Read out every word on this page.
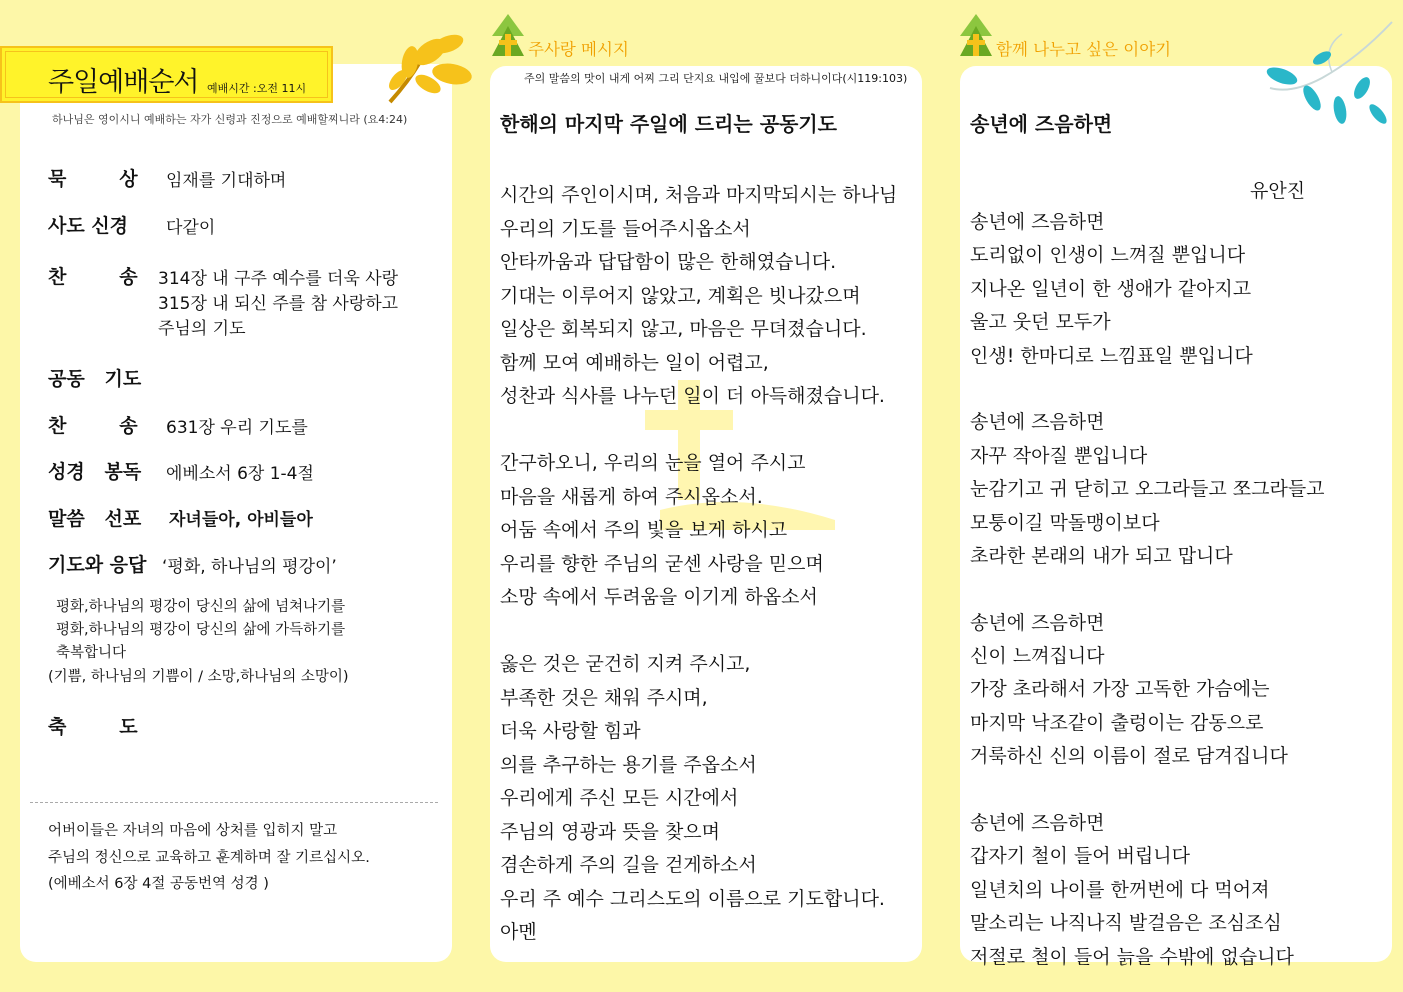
주일예배순서 예배시간 :오전 11시
하나님은 영이시니 예배하는 자가 신령과 진정으로 예배할찌니라 (요4:24)
묵        상 임재를 기대하며
사도 신경 다같이
찬        송 314장 내 구주 예수를 더욱 사랑
315장 내 되신 주를 참 사랑하고
주님의 기도
공동   기도
찬        송 631장 우리 기도를
성경   봉독 에베소서 6장 1-4절
말씀   선포 자녀들아, 아비들아
기도와 응답 ‘평화, 하나님의 평강이’
평화,하나님의 평강이 당신의 삶에 넘쳐나기를
평화,하나님의 평강이 당신의 삶에 가득하기를
축복합니다
(기쁨, 하나님의 기쁨이 / 소망,하나님의 소망이)
축        도
어버이들은 자녀의 마음에 상처를 입히지 말고
주님의 정신으로 교육하고 훈계하며 잘 기르십시오.
(에베소서 6장 4절 공동번역 성경 )
주사랑 메시지
주의 말씀의 맛이 내게 어찌 그리 단지요 내입에 꿀보다 더하니이다(시119:103)
한해의 마지막 주일에 드리는 공동기도
시간의 주인이시며, 처음과 마지막되시는 하나님
우리의 기도를 들어주시옵소서
안타까움과 답답함이 많은 한해였습니다.
기대는 이루어지 않았고, 계획은 빗나갔으며
일상은 회복되지 않고, 마음은 무뎌졌습니다.
함께 모여 예배하는 일이 어렵고,
성찬과 식사를 나누던 일이 더 아득해졌습니다.
간구하오니, 우리의 눈을 열어 주시고
마음을 새롭게 하여 주시옵소서.
어둠 속에서 주의 빛을 보게 하시고
우리를 향한 주님의 굳센 사랑을 믿으며
소망 속에서 두려움을 이기게 하옵소서
옳은 것은 굳건히 지켜 주시고,
부족한 것은 채워 주시며,
더욱 사랑할 힘과
의를 추구하는 용기를 주옵소서
우리에게 주신 모든 시간에서
주님의 영광과 뜻을 찾으며
겸손하게 주의 길을 걷게하소서
우리 주 예수 그리스도의 이름으로 기도합니다.
아멘
함께 나누고 싶은 이야기
송년에 즈음하면
유안진
송년에 즈음하면
도리없이 인생이 느껴질 뿐입니다
지나온 일년이 한 생애가 같아지고
울고 웃던 모두가
인생! 한마디로 느낌표일 뿐입니다
송년에 즈음하면
자꾸 작아질 뿐입니다
눈감기고 귀 닫히고 오그라들고 쪼그라들고
모퉁이길 막돌맹이보다
초라한 본래의 내가 되고 맙니다
송년에 즈음하면
신이 느껴집니다
가장 초라해서 가장 고독한 가슴에는
마지막 낙조같이 출렁이는 감동으로
거룩하신 신의 이름이 절로 담겨집니다
송년에 즈음하면
갑자기 철이 들어 버립니다
일년치의 나이를 한꺼번에 다 먹어져
말소리는 나직나직 발걸음은 조심조심
저절로 철이 들어 늙을 수밖에 없습니다
